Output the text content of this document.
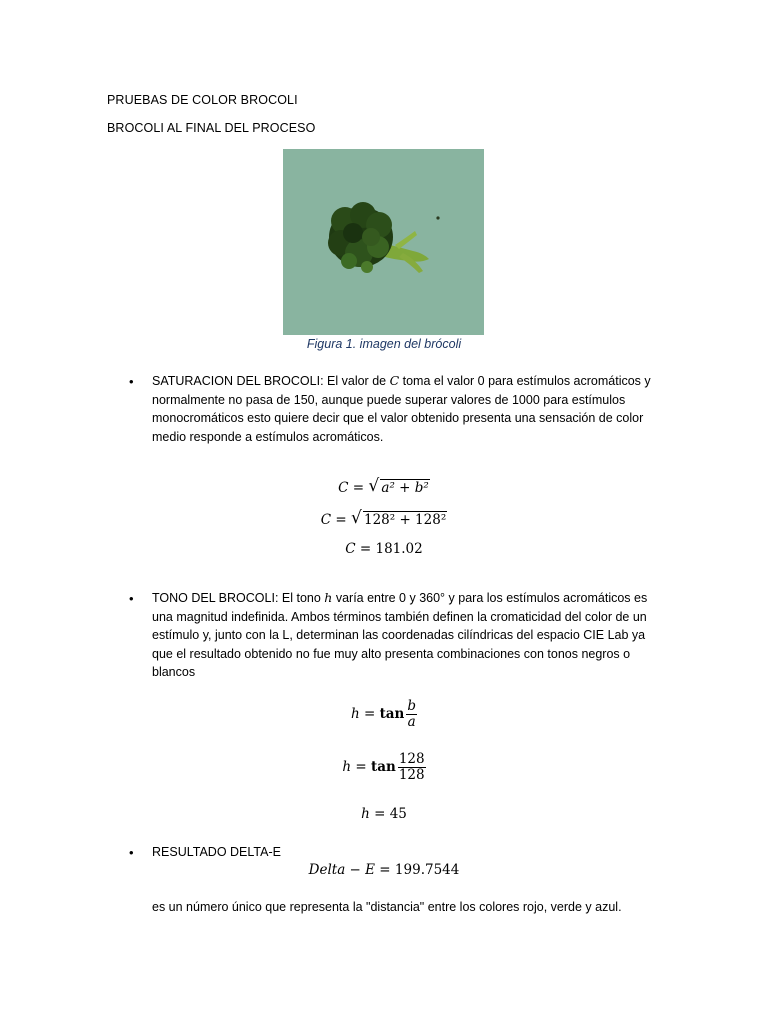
PRUEBAS DE COLOR BROCOLI
BROCOLI AL FINAL DEL PROCESO
Figura 1. imagen del brócoli
• SATURACION DEL BROCOLI: El valor de C toma el valor 0 para estímulos acromáticos y normalmente no pasa de 150, aunque puede superar valores de 1000 para estímulos monocromáticos esto quiere decir que el valor obtenido presenta una sensación de color medio responde a estímulos acromáticos.

C = √ a² + b²
C = √ 128² + 128²
C = 181.02
• TONO DEL BROCOLI: El tono h varía entre 0 y 360° y para los estímulos acromáticos es una magnitud indefinida. Ambos términos también definen la cromaticidad del color de un estímulo y, junto con la L, determinan las coordenadas cilíndricas del espacio CIE Lab ya que el resultado obtenido no fue muy alto presenta combinaciones con tonos negros o blancos

$h = \tan \frac{b}{a}$
$h = \tan \frac{128}{128}$
h = 45
• RESULTADO DELTA-E

Delta − E = 199.7544
es un número único que representa la "distancia" entre los colores rojo, verde y azul.
